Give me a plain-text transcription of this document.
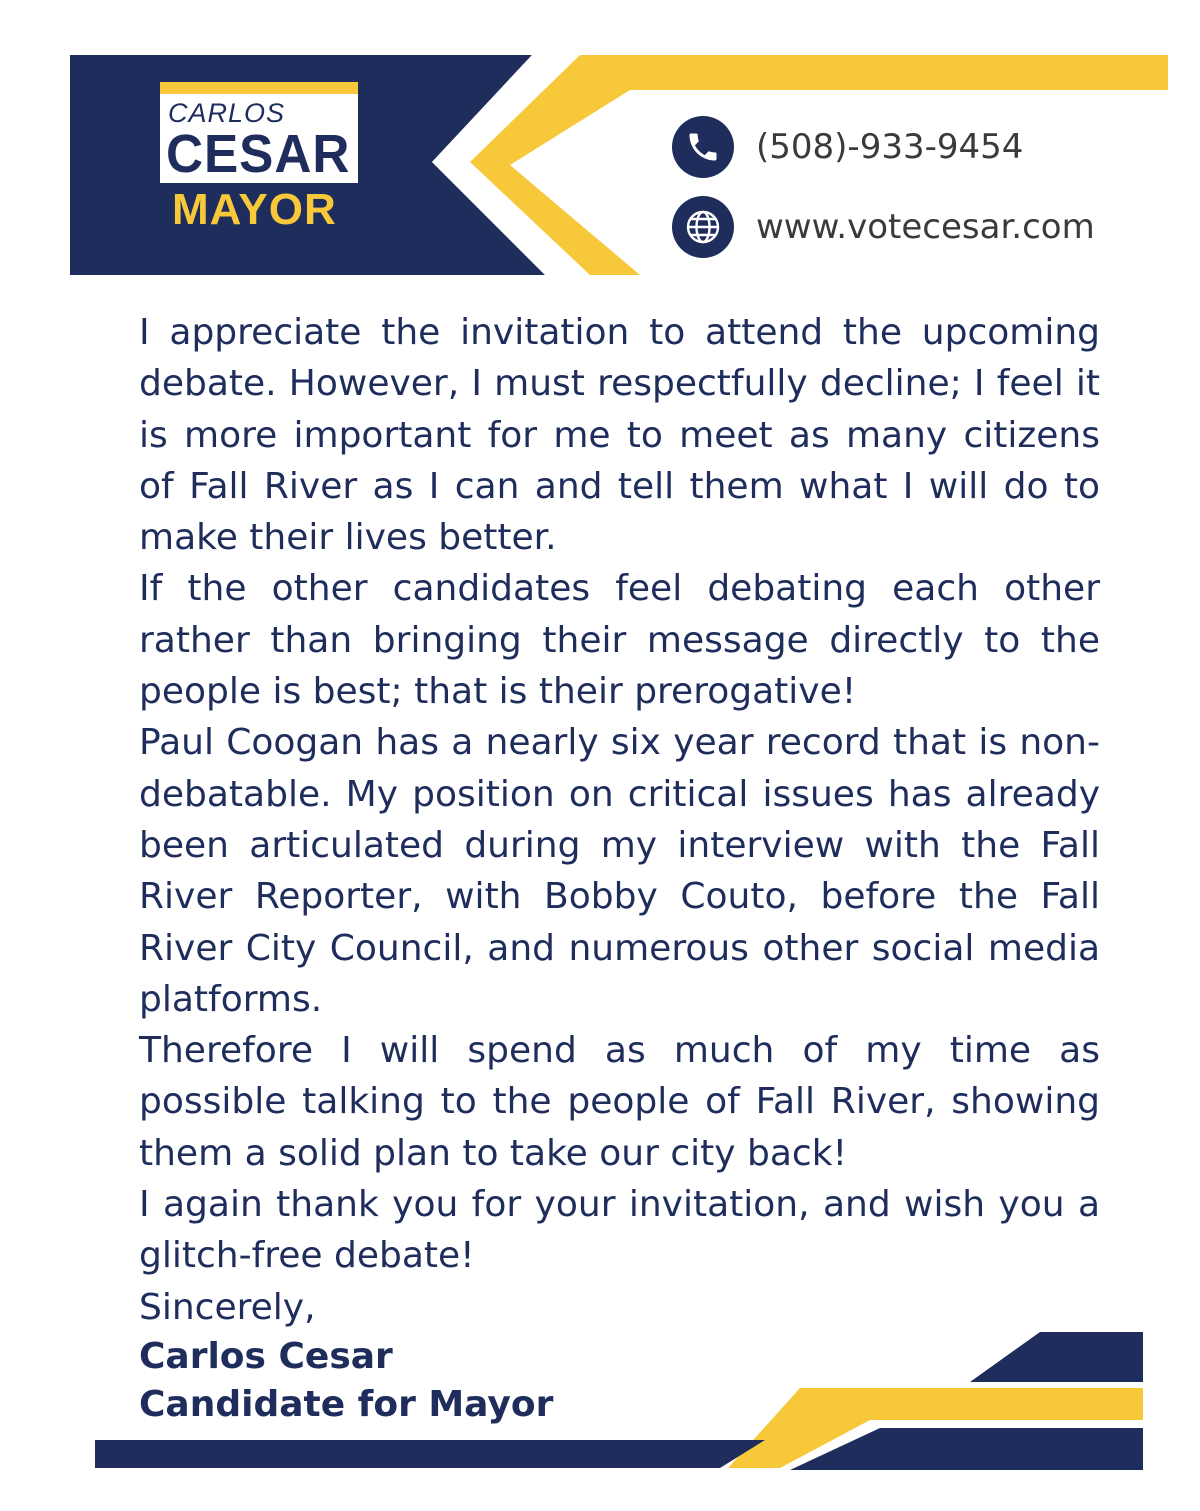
CARLOS
CESAR
MAYOR
(508)-933-9454
www.votecesar.com

I appreciate the invitation to attend the upcoming debate. However, I must respectfully decline; I feel it is more important for me to meet as many citizens of Fall River as I can and tell them what I will do to make their lives better.

If the other candidates feel debating each other rather than bringing their message directly to the people is best; that is their prerogative!

Paul Coogan has a nearly six year record that is non-debatable. My position on critical issues has already been articulated during my interview with the Fall River Reporter, with Bobby Couto, before the Fall River City Council, and numerous other social media platforms.

Therefore I will spend as much of my time as possible talking to the people of Fall River, showing them a solid plan to take our city back!

I again thank you for your invitation, and wish you a glitch-free debate!

Sincerely,

Carlos Cesar

Candidate for Mayor
